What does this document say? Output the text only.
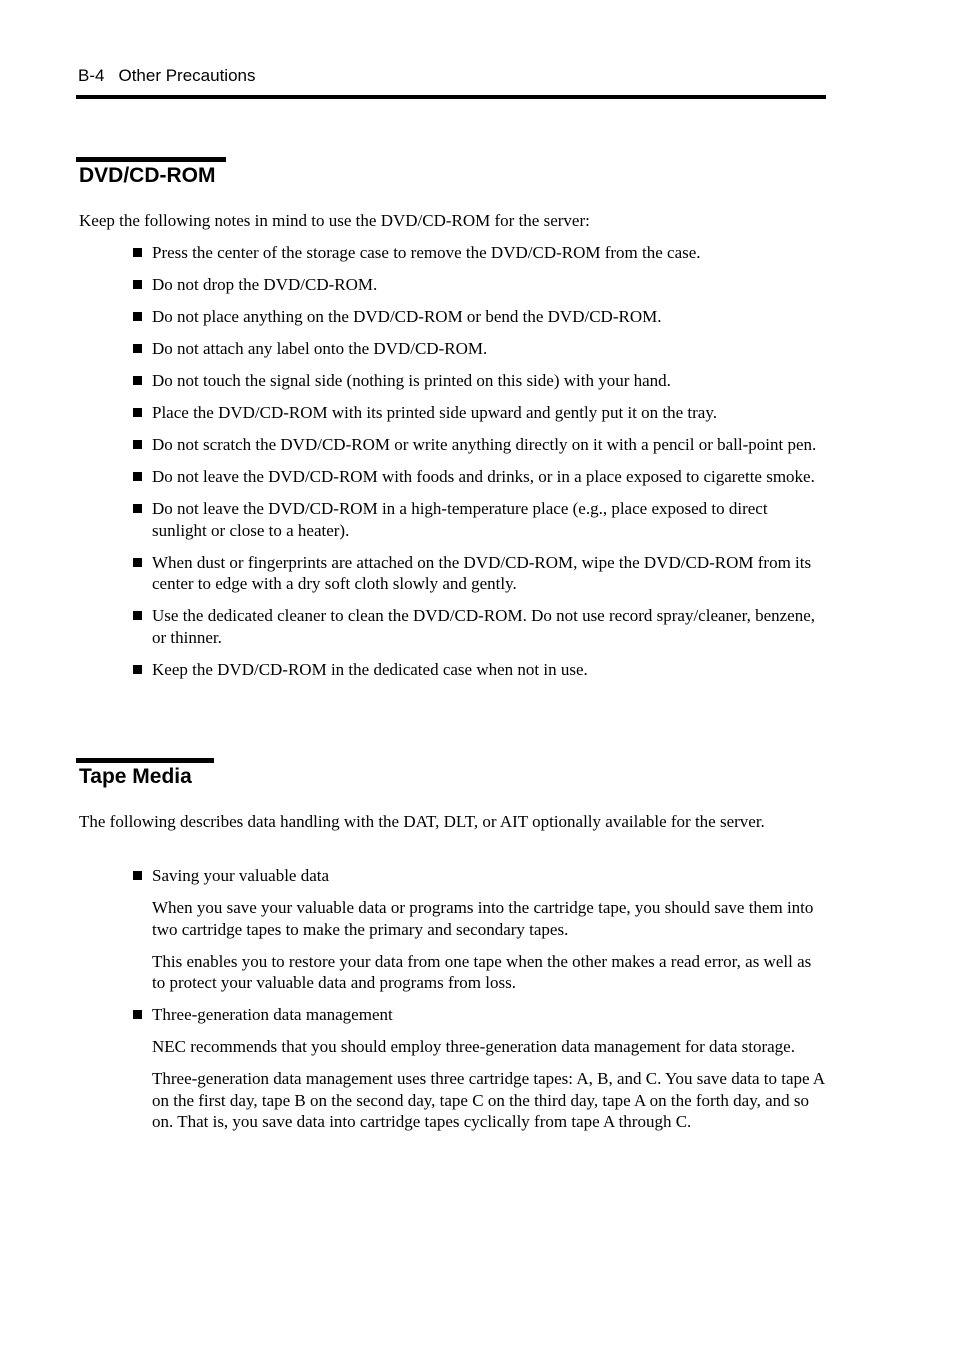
B-4 Other Precautions
DVD/CD-ROM
Keep the following notes in mind to use the DVD/CD-ROM for the server:
Press the center of the storage case to remove the DVD/CD-ROM from the case.
Do not drop the DVD/CD-ROM.
Do not place anything on the DVD/CD-ROM or bend the DVD/CD-ROM.
Do not attach any label onto the DVD/CD-ROM.
Do not touch the signal side (nothing is printed on this side) with your hand.
Place the DVD/CD-ROM with its printed side upward and gently put it on the tray.
Do not scratch the DVD/CD-ROM or write anything directly on it with a pencil or ball-point pen.
Do not leave the DVD/CD-ROM with foods and drinks, or in a place exposed to cigarette smoke.
Do not leave the DVD/CD-ROM in a high-temperature place (e.g., place exposed to direct sunlight or close to a heater).
When dust or fingerprints are attached on the DVD/CD-ROM, wipe the DVD/CD-ROM from its center to edge with a dry soft cloth slowly and gently.
Use the dedicated cleaner to clean the DVD/CD-ROM. Do not use record spray/cleaner, benzene, or thinner.
Keep the DVD/CD-ROM in the dedicated case when not in use.
Tape Media
The following describes data handling with the DAT, DLT, or AIT optionally available for the server.
Saving your valuable data
When you save your valuable data or programs into the cartridge tape, you should save them into two cartridge tapes to make the primary and secondary tapes.
This enables you to restore your data from one tape when the other makes a read error, as well as to protect your valuable data and programs from loss.
Three-generation data management
NEC recommends that you should employ three-generation data management for data storage.
Three-generation data management uses three cartridge tapes: A, B, and C. You save data to tape A on the first day, tape B on the second day, tape C on the third day, tape A on the forth day, and so on. That is, you save data into cartridge tapes cyclically from tape A through C.
